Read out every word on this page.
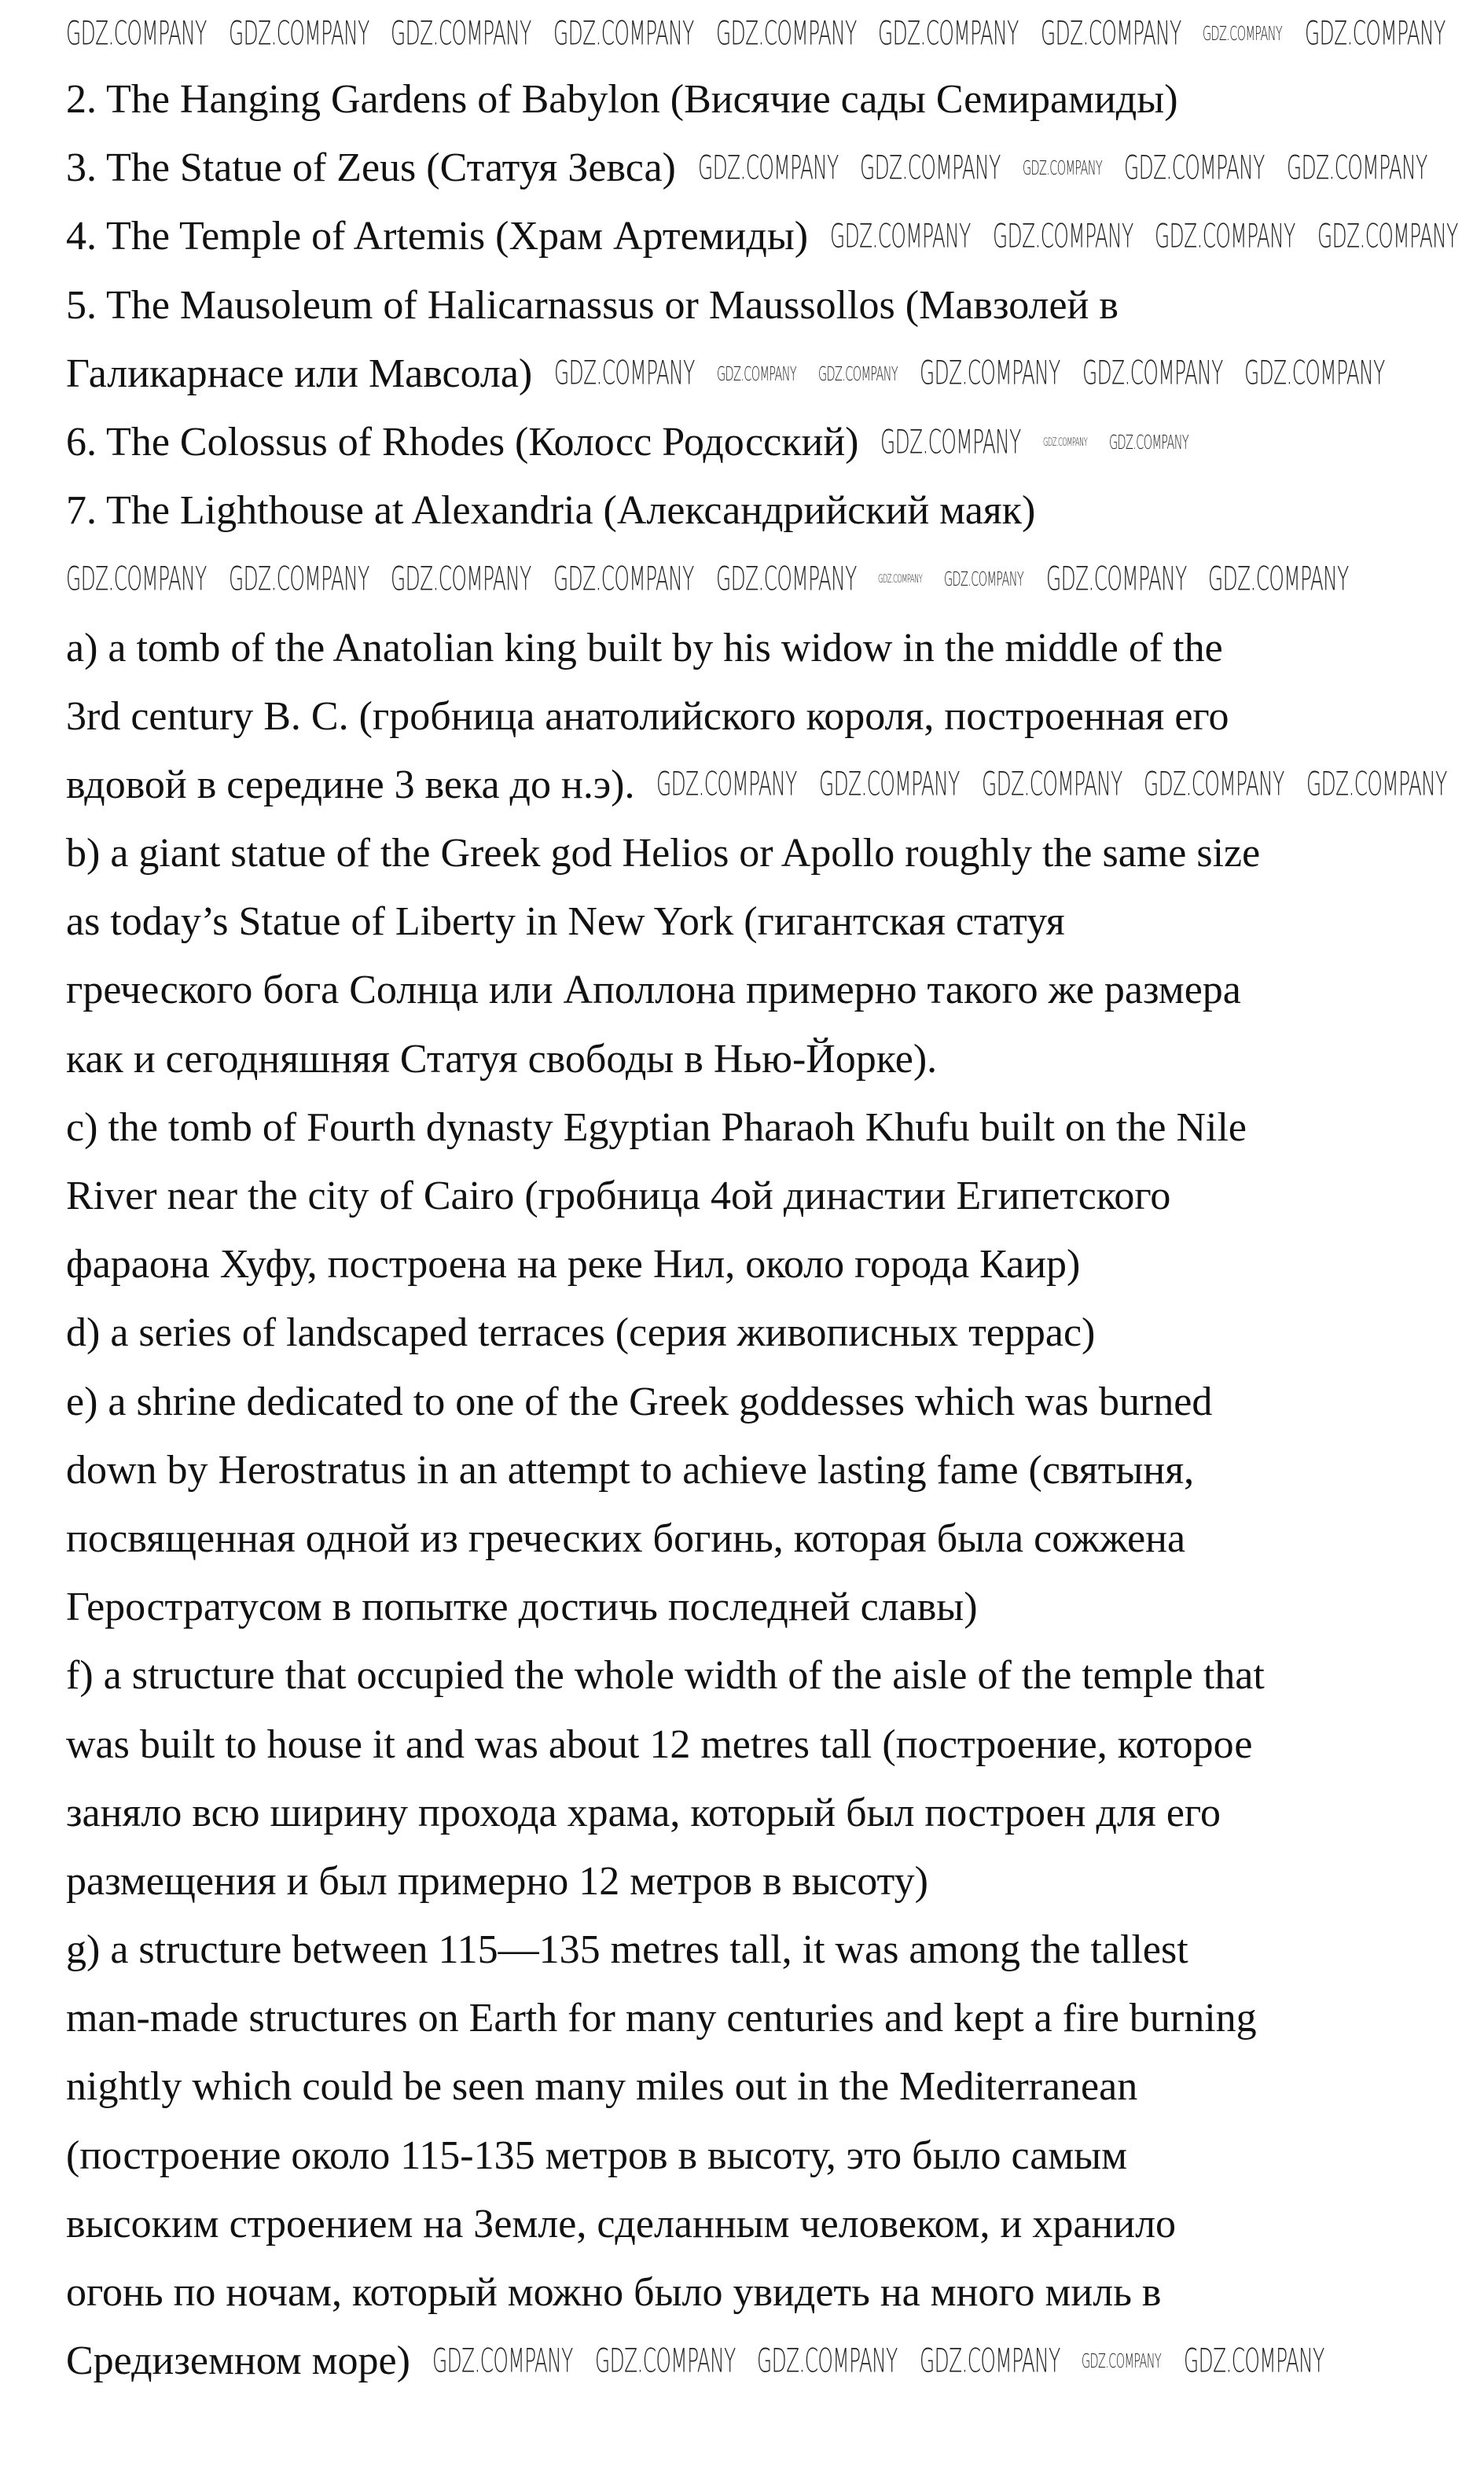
2. The Hanging Gardens of Babylon (Висячие сады Семирамиды)
3. The Statue of Zeus (Статуя Зевса)
4. The Temple of Artemis (Храм Артемиды)
5. The Mausoleum of Halicarnassus or Maussollos (Мавзолей в
Галикарнасе или Мавсола)
6. The Colossus of Rhodes (Колосс Родосский)
7. The Lighthouse at Alexandria (Александрийский маяк)
a) a tomb of the Anatolian king built by his widow in the middle of the
3rd century B. C. (гробница анатолийского короля, построенная его
вдовой в середине 3 века до н.э).
b) a giant statue of the Greek god Helios or Apollo roughly the same size
as today’s Statue of Liberty in New York (гигантская статуя
греческого бога Солнца или Аполлона примерно такого же размера
как и сегодняшняя Статуя свободы в Нью-Йорке).
c) the tomb of Fourth dynasty Egyptian Pharaoh Khufu built on the Nile
River near the city of Cairo (гробница 4ой династии Египетского
фараона Хуфу, построена на реке Нил, около города Каир)
d) a series of landscaped terraces (серия живописных террас)
e) a shrine dedicated to one of the Greek goddesses which was burned
down by Herostratus in an attempt to achieve lasting fame (святыня,
посвященная одной из греческих богинь, которая была сожжена
Геростратусом в попытке достичь последней славы)
f) a structure that occupied the whole width of the aisle of the temple that
was built to house it and was about 12 metres tall (построение, которое
заняло всю ширину прохода храма, который был построен для его
размещения и был примерно 12 метров в высоту)
g) a structure between 115—135 metres tall, it was among the tallest
man-made structures on Earth for many centuries and kept a fire burning
nightly which could be seen many miles out in the Mediterranean
(построение около 115-135 метров в высоту, это было самым
высоким строением на Земле, сделанным человеком, и хранило
огонь по ночам, который можно было увидеть на много миль в
Средиземном море)
GDZ.COMPANY GDZ.COMPANY GDZ.COMPANY GDZ.COMPANY GDZ.COMPANY GDZ.COMPANY GDZ.COMPANY GDZ.COMPANY GDZ.COMPANY
GDZ.COMPANY GDZ.COMPANY GDZ.COMPANY GDZ.COMPANY GDZ.COMPANY GDZ.COMPANY GDZ.COMPANY GDZ.COMPANY GDZ.COMPANY
GDZ.COMPANY GDZ.COMPANY GDZ.COMPANY GDZ.COMPANY GDZ.COMPANY GDZ.COMPANY
GDZ.COMPANY GDZ.COMPANY GDZ.COMPANY GDZ.COMPANY GDZ.COMPANY GDZ.COMPANY
GDZ.COMPANY GDZ.COMPANY GDZ.COMPANY GDZ.COMPANY GDZ.COMPANY
GDZ.COMPANY GDZ.COMPANY GDZ.COMPANY GDZ.COMPANY GDZ.COMPANY
GDZ.COMPANY GDZ.COMPANY GDZ.COMPANY GDZ.COMPANY
GDZ.COMPANY GDZ.COMPANY GDZ.COMPANY
